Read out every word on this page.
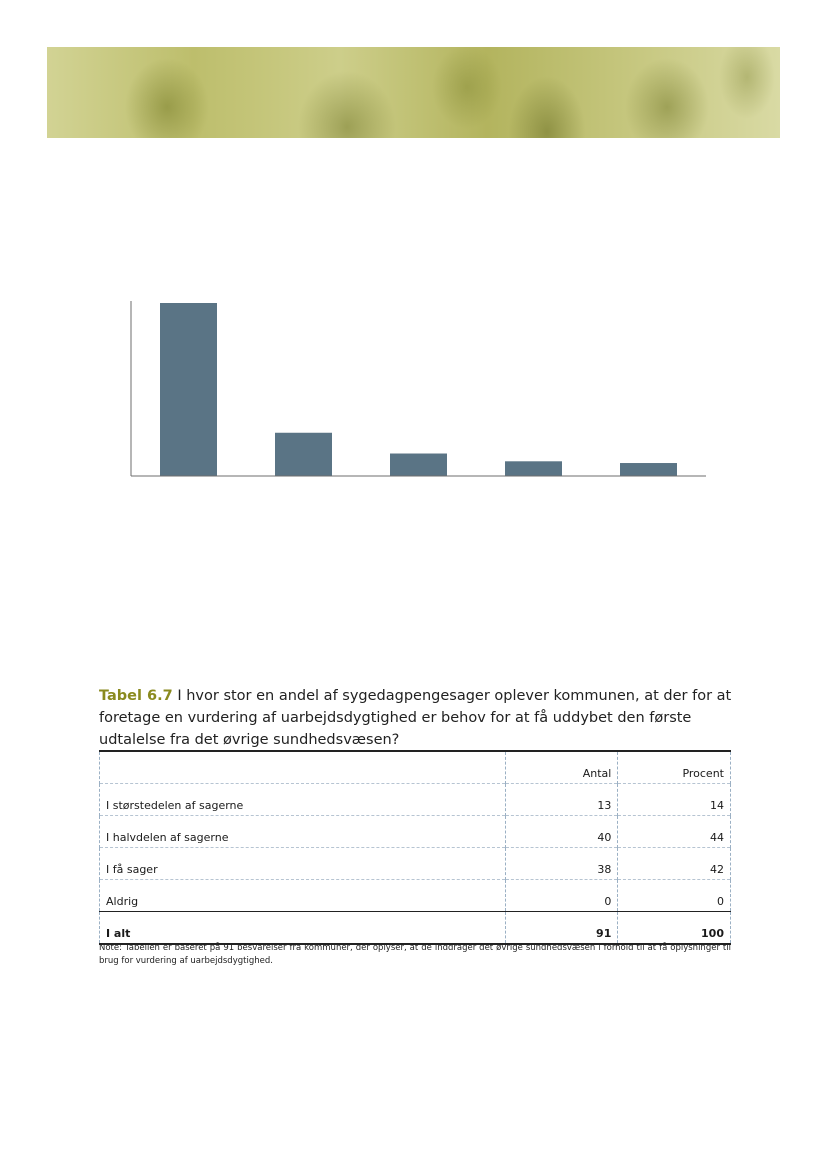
Tabel 6.7 I hvor stor en andel af sygedagpengesager oplever kommunen, at der for at foretage en vurdering af uarbejdsdygtighed er behov for at få uddybet den første udtalelse fra det øvrige sundhedsvæsen?
	Antal	Procent
I størstedelen af sagerne	13	14
I halvdelen af sagerne	40	44
I få sager	38	42
Aldrig	0	0
I alt	91	100
Note: Tabellen er baseret på 91 besvarelser fra kommuner, der oplyser, at de inddrager det øvrige sundhedsvæsen i forhold til at få oplysninger til brug for vurdering af uarbejdsdygtighed.
